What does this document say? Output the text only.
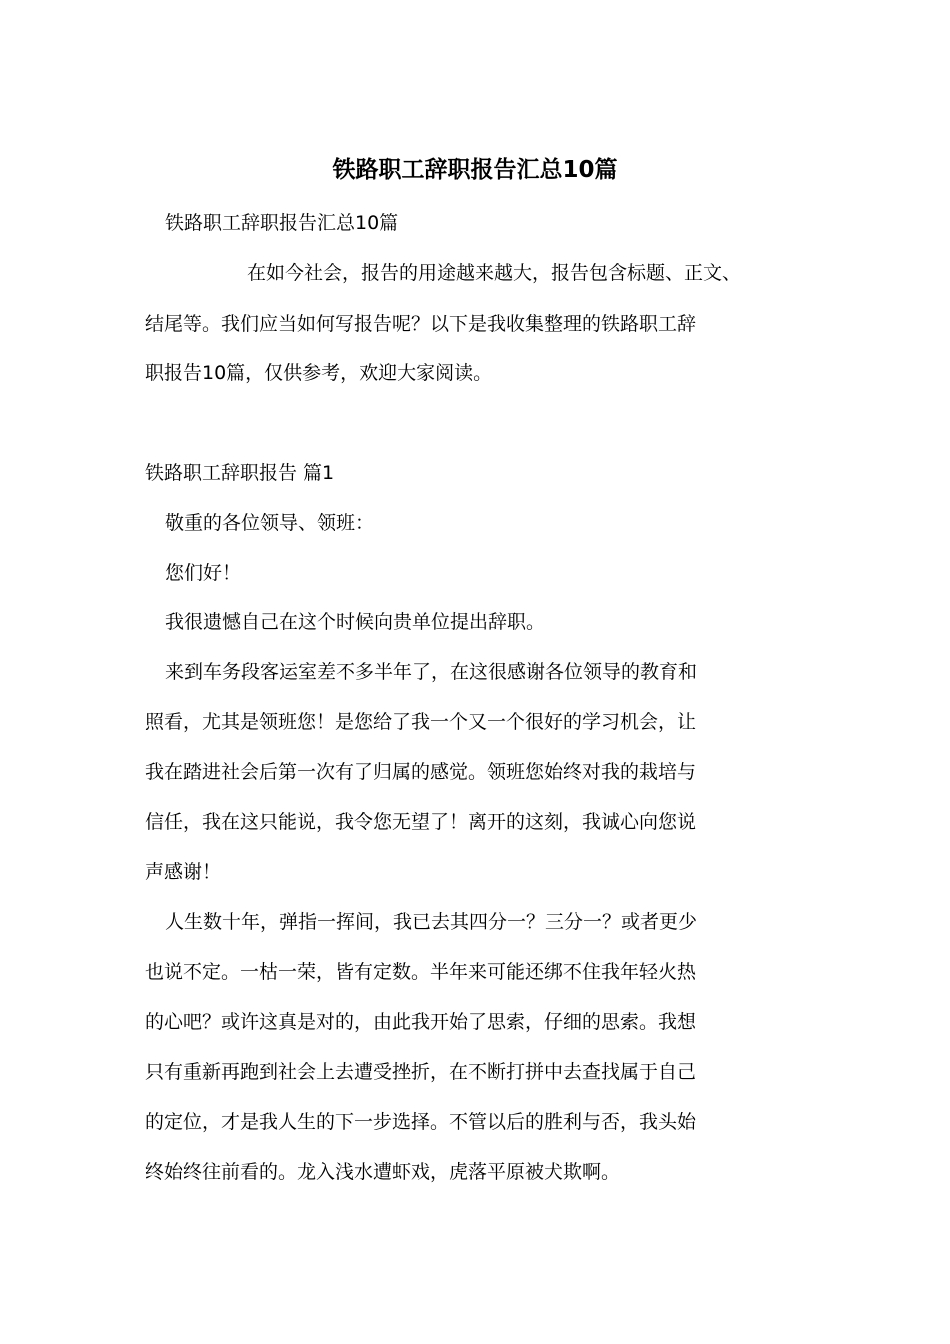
铁路职工辞职报告汇总10篇
铁路职工辞职报告汇总10篇
在如今社会，报告的用途越来越大，报告包含标题、正文、
结尾等。我们应当如何写报告呢？以下是我收集整理的铁路职工辞
职报告10篇，仅供参考，欢迎大家阅读。
铁路职工辞职报告 篇1
敬重的各位领导、领班：
您们好！
我很遗憾自己在这个时候向贵单位提出辞职。
来到车务段客运室差不多半年了，在这很感谢各位领导的教育和
照看，尤其是领班您！是您给了我一个又一个很好的学习机会，让
我在踏进社会后第一次有了归属的感觉。领班您始终对我的栽培与
信任，我在这只能说，我令您无望了！离开的这刻，我诚心向您说
声感谢！
人生数十年，弹指一挥间，我已去其四分一？三分一？或者更少
也说不定。一枯一荣，皆有定数。半年来可能还绑不住我年轻火热
的心吧？或许这真是对的，由此我开始了思索，仔细的思索。我想
只有重新再跑到社会上去遭受挫折，在不断打拼中去查找属于自己
的定位，才是我人生的下一步选择。不管以后的胜利与否，我头始
终始终往前看的。龙入浅水遭虾戏，虎落平原被犬欺啊。
